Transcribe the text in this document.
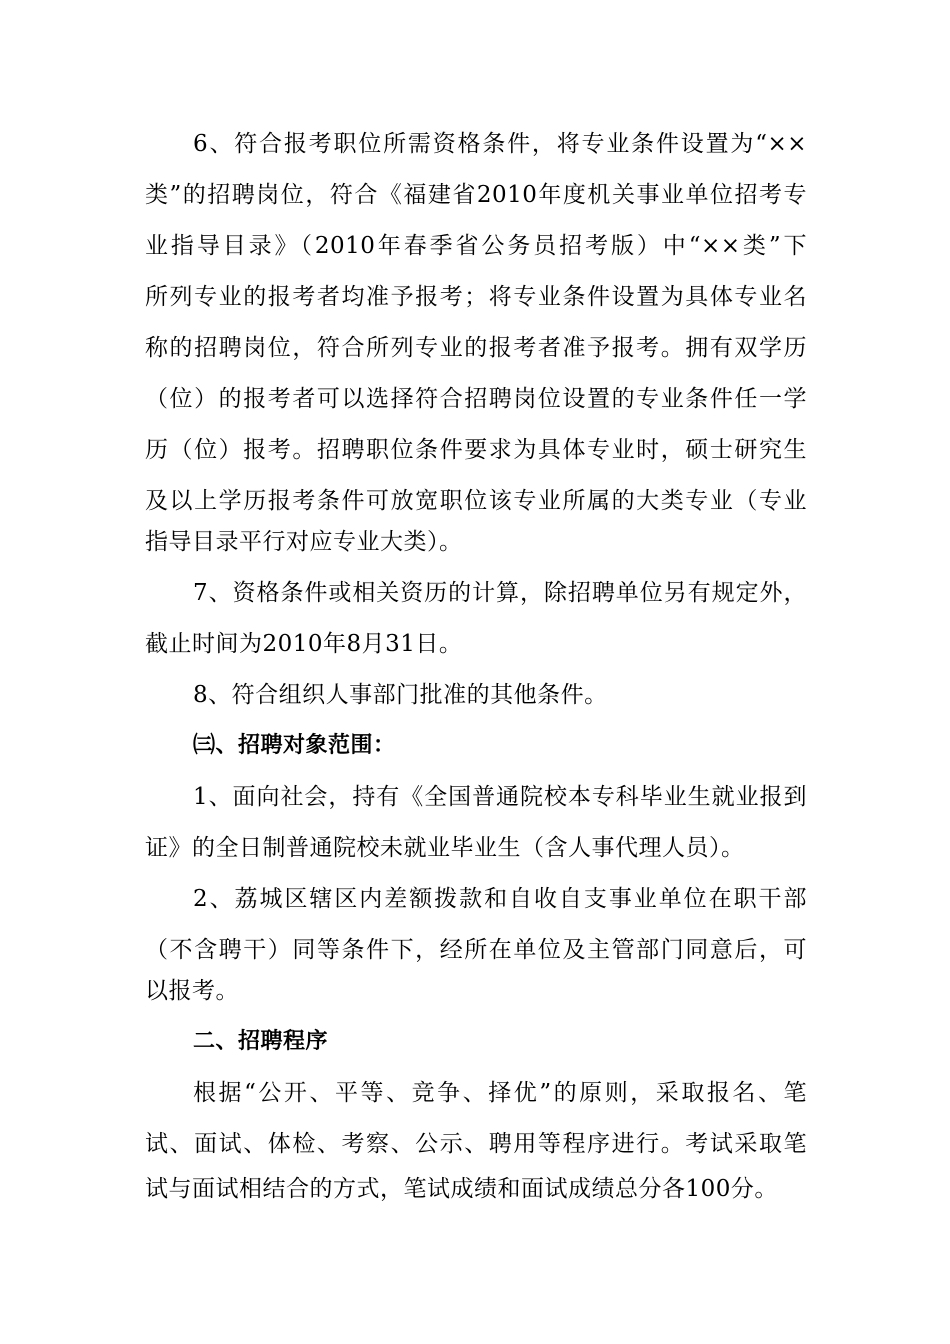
6、符合报考职位所需资格条件，将专业条件设置为“××
类”的招聘岗位，符合《福建省2010年度机关事业单位招考专
业指导目录》（2010年春季省公务员招考版）中“××类”下
所列专业的报考者均准予报考；将专业条件设置为具体专业名
称的招聘岗位，符合所列专业的报考者准予报考。拥有双学历
（位）的报考者可以选择符合招聘岗位设置的专业条件任一学
历（位）报考。招聘职位条件要求为具体专业时，硕士研究生
及以上学历报考条件可放宽职位该专业所属的大类专业（专业
指导目录平行对应专业大类）。
7、资格条件或相关资历的计算，除招聘单位另有规定外，
截止时间为2010年8月31日。
8、符合组织人事部门批准的其他条件。
㈢、招聘对象范围：
1、面向社会，持有《全国普通院校本专科毕业生就业报到
证》的全日制普通院校未就业毕业生（含人事代理人员）。
2、荔城区辖区内差额拨款和自收自支事业单位在职干部
（不含聘干）同等条件下，经所在单位及主管部门同意后，可
以报考。
二、招聘程序
根据“公开、平等、竞争、择优”的原则，采取报名、笔
试、面试、体检、考察、公示、聘用等程序进行。考试采取笔
试与面试相结合的方式，笔试成绩和面试成绩总分各100分。
